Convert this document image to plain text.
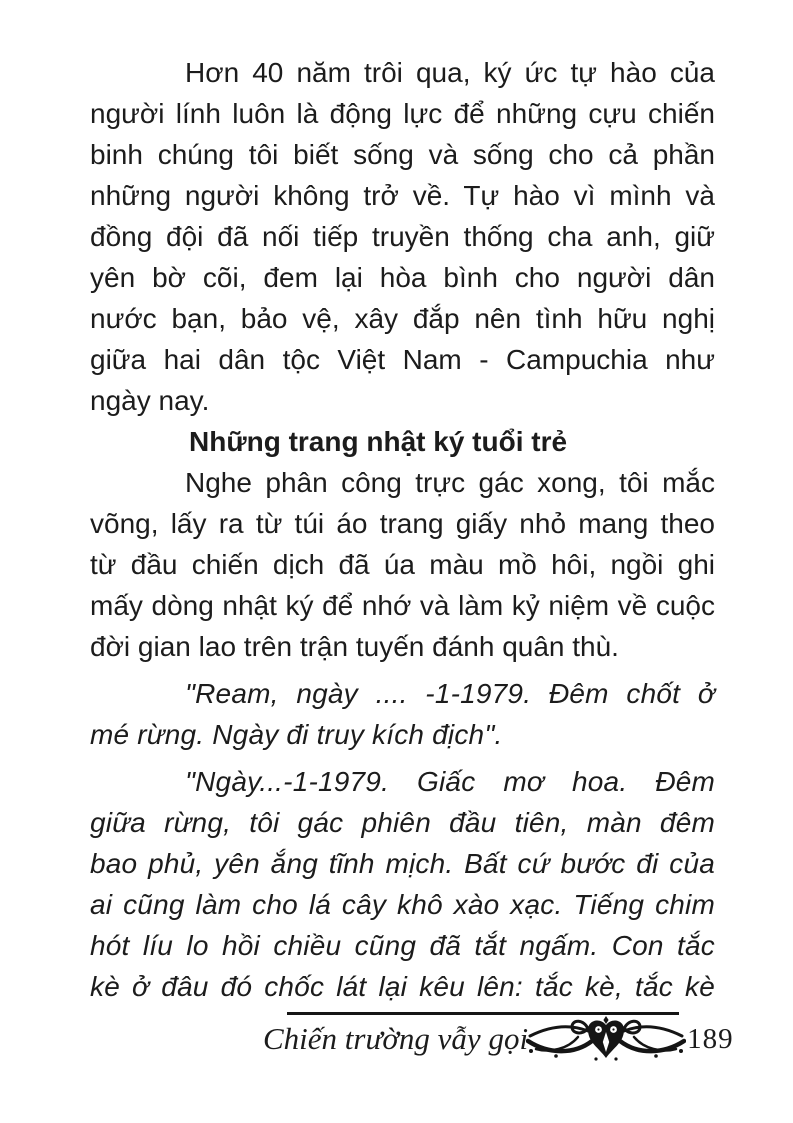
Hơn 40 năm trôi qua, ký ức tự hào của
người lính luôn là động lực để những cựu chiến
binh chúng tôi biết sống và sống cho cả phần
những người không trở về. Tự hào vì mình và
đồng đội đã nối tiếp truyền thống cha anh, giữ
yên bờ cõi, đem lại hòa bình cho người dân
nước bạn, bảo vệ, xây đắp nên tình hữu nghị
giữa hai dân tộc Việt Nam - Campuchia như
ngày nay.
Những trang nhật ký tuổi trẻ
Nghe phân công trực gác xong, tôi mắc
võng, lấy ra từ túi áo trang giấy nhỏ mang theo
từ đầu chiến dịch đã úa màu mồ hôi, ngồi ghi
mấy dòng nhật ký để nhớ và làm kỷ niệm về cuộc
đời gian lao trên trận tuyến đánh quân thù.
"Ream, ngày .... -1-1979. Đêm chốt ở
mé rừng. Ngày đi truy kích địch".
"Ngày...-1-1979. Giấc mơ hoa. Đêm
giữa rừng, tôi gác phiên đầu tiên, màn đêm
bao phủ, yên ắng tĩnh mịch. Bất cứ bước đi của
ai cũng làm cho lá cây khô xào xạc. Tiếng chim
hót líu lo hồi chiều cũng đã tắt ngấm. Con tắc
kè ở đâu đó chốc lát lại kêu lên: tắc kè, tắc kè
Chiến trường vẫy gọi	189
